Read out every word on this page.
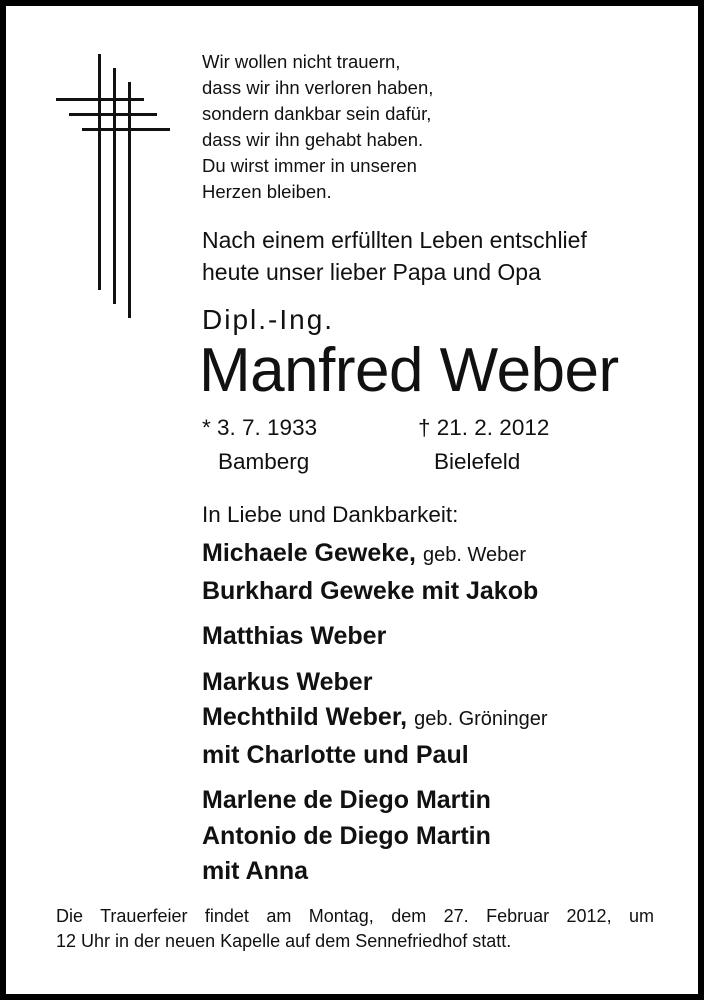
Wir wollen nicht trauern,
dass wir ihn verloren haben,
sondern dankbar sein dafür,
dass wir ihn gehabt haben.
Du wirst immer in unseren
Herzen bleiben.
Nach einem erfüllten Leben entschlief
heute unser lieber Papa und Opa
Dipl.-Ing.
Manfred Weber
* 3. 7. 1933
Bamberg
† 21. 2. 2012
Bielefeld
In Liebe und Dankbarkeit:
Michaele Geweke, geb. Weber
Burkhard Geweke mit Jakob
Matthias Weber
Markus Weber
Mechthild Weber, geb. Gröninger
mit Charlotte und Paul
Marlene de Diego Martin
Antonio de Diego Martin
mit Anna
Die Trauerfeier findet am Montag, dem 27. Februar 2012, um
12 Uhr in der neuen Kapelle auf dem Sennefriedhof statt.
